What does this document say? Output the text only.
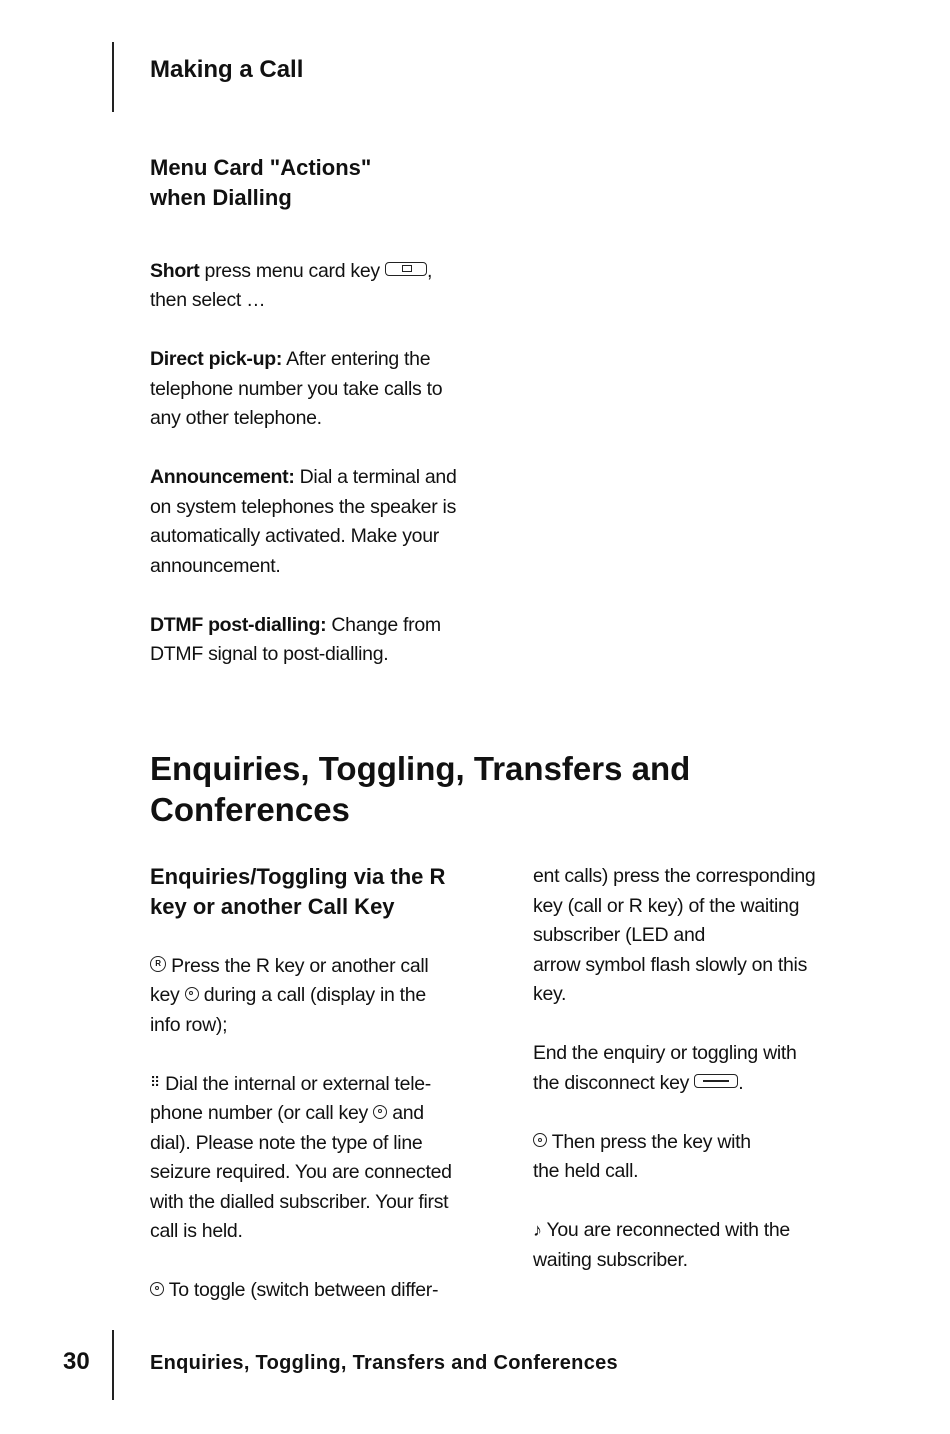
Making a Call
Menu Card "Actions" when Dialling

Short press menu card key ,
then select …

Direct pick-up: After entering the telephone number you take calls to any other telephone.

Announcement: Dial a terminal and on system telephones the speaker is automatically activated. Make your announcement.

DTMF post-dialling: Change from DTMF signal to post-dialling.

Enquiries, Toggling, Transfers and Conferences
Enquiries/Toggling via the R key or another Call Key

R Press the R key or another call key  during a call (display in the info row);

⠿ Dial the internal or external tele-phone number (or call key  and dial). Please note the type of line seizure required. You are connected with the dialled subscriber. Your first call is held.

To toggle (switch between differ-

ent calls) press the corresponding key (call or R key) of the waiting subscriber (LED and

arrow symbol flash slowly on this key.

End the enquiry or toggling with the disconnect key	.

Then press the key with
the held call.

♪ You are reconnected with the waiting subscriber.

30	Enquiries, Toggling, Transfers and Conferences
